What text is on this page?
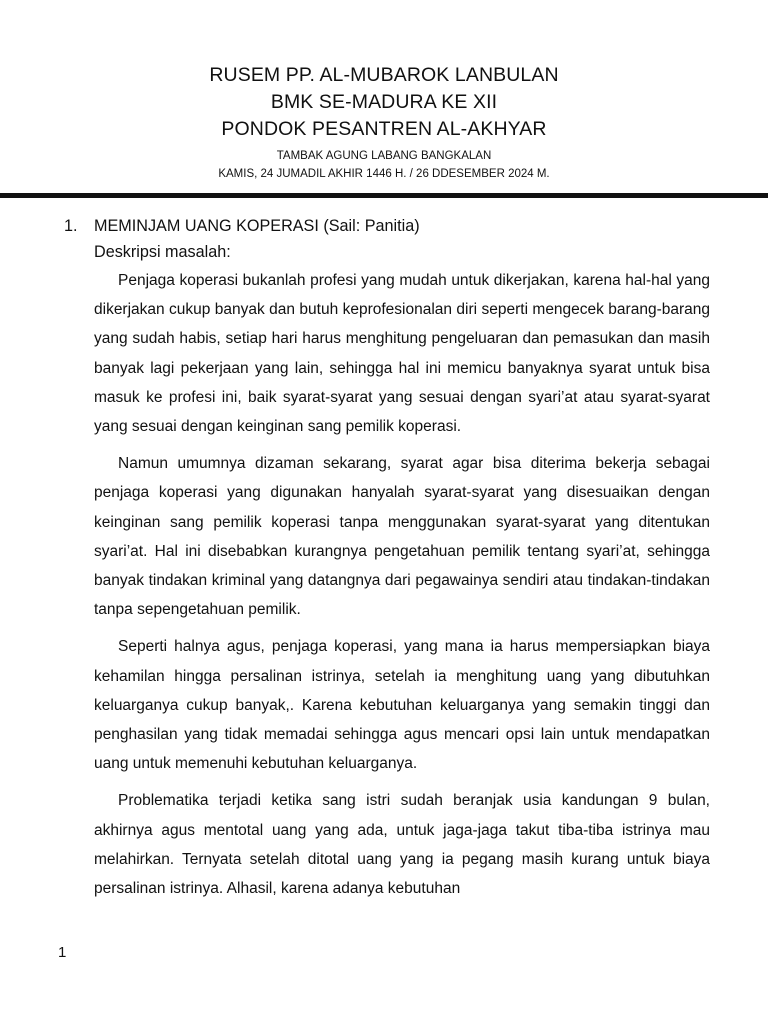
RUSEM PP. AL-MUBAROK LANBULAN
BMK SE-MADURA KE XII
PONDOK PESANTREN AL-AKHYAR
TAMBAK AGUNG LABANG BANGKALAN
KAMIS, 24 JUMADIL AKHIR 1446 H. / 26 DDESEMBER 2024 M.
1.	MEMINJAM UANG KOPERASI (Sail: Panitia)
Deskripsi masalah:

Penjaga koperasi bukanlah profesi yang mudah untuk dikerjakan, karena hal-hal yang dikerjakan cukup banyak dan butuh keprofesionalan diri seperti mengecek barang-barang yang sudah habis, setiap hari harus menghitung pengeluaran dan pemasukan dan masih banyak lagi pekerjaan yang lain, sehingga hal ini memicu banyaknya syarat untuk bisa masuk ke profesi ini, baik syarat-syarat yang sesuai dengan syari’at atau syarat-syarat yang sesuai dengan keinginan sang pemilik koperasi.

Namun umumnya dizaman sekarang, syarat agar bisa diterima bekerja sebagai penjaga koperasi yang digunakan hanyalah syarat-syarat yang disesuaikan dengan keinginan sang pemilik koperasi tanpa menggunakan syarat-syarat yang ditentukan syari’at. Hal ini disebabkan kurangnya pengetahuan pemilik tentang syari’at, sehingga banyak tindakan kriminal yang datangnya dari pegawainya sendiri atau tindakan-tindakan tanpa sepengetahuan pemilik.

Seperti halnya agus, penjaga koperasi, yang mana ia harus mempersiapkan biaya kehamilan hingga persalinan istrinya, setelah ia menghitung uang yang dibutuhkan keluarganya cukup banyak,. Karena kebutuhan keluarganya yang semakin tinggi dan penghasilan yang tidak memadai sehingga agus mencari opsi lain untuk mendapatkan uang untuk memenuhi kebutuhan keluarganya.

Problematika terjadi ketika sang istri sudah beranjak usia kandungan 9 bulan, akhirnya agus mentotal uang yang ada, untuk jaga-jaga takut tiba-tiba istrinya mau melahirkan. Ternyata setelah ditotal uang yang ia pegang masih kurang untuk biaya persalinan istrinya. Alhasil, karena adanya kebutuhan

1
